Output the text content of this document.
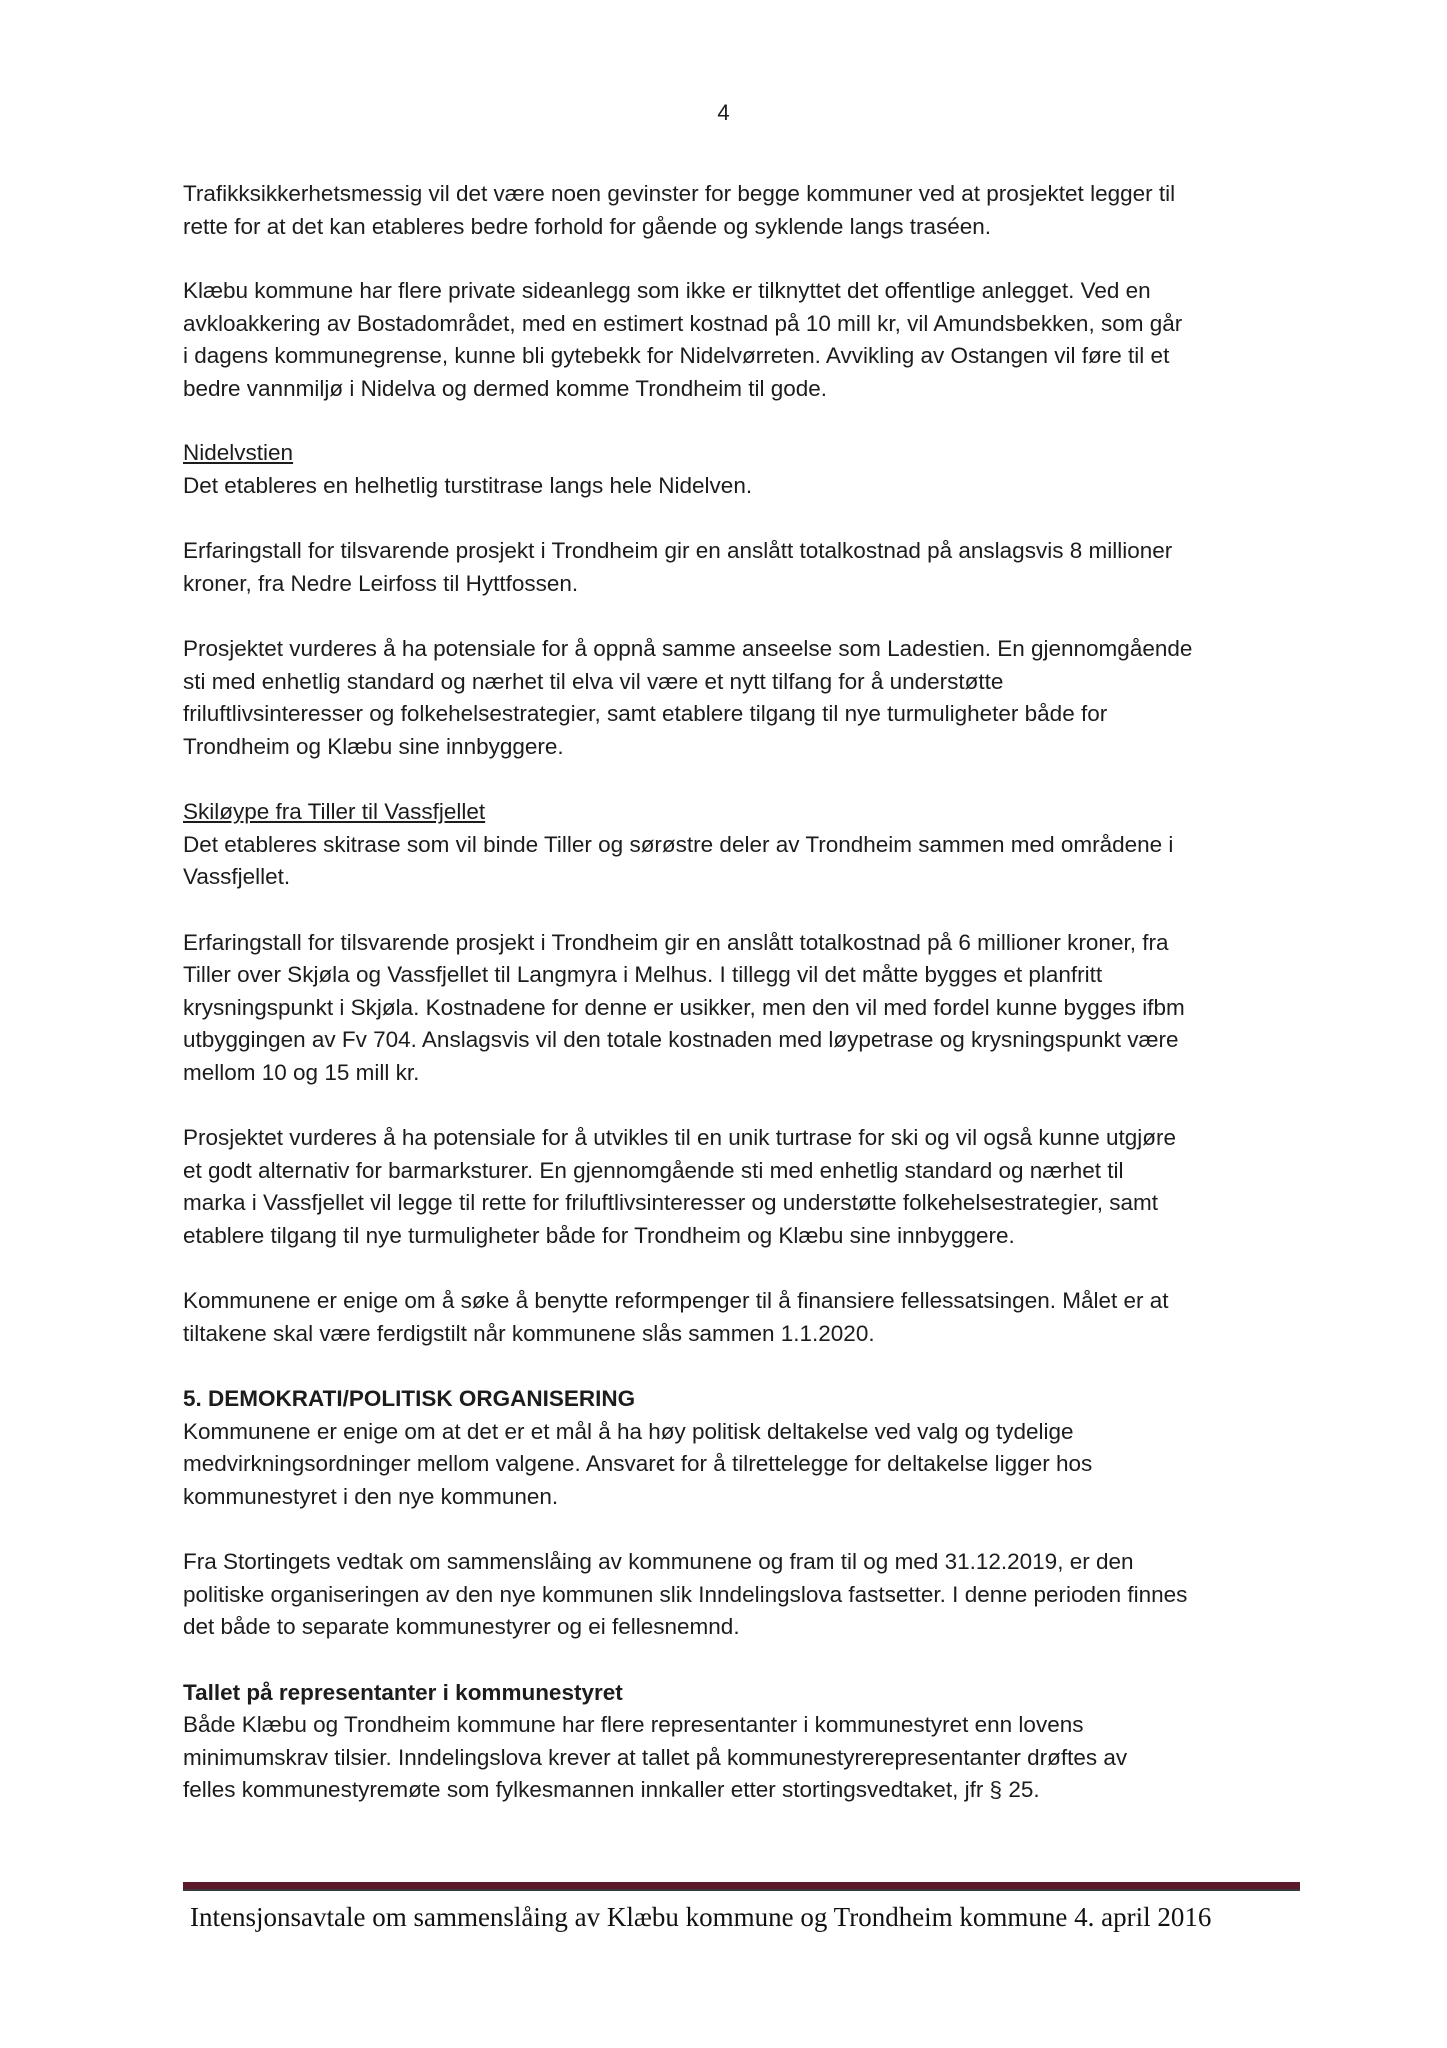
4

Trafikksikkerhetsmessig vil det være noen gevinster for begge kommuner ved at prosjektet legger til
rette for at det kan etableres bedre forhold for gående og syklende langs traséen.

Klæbu kommune har flere private sideanlegg som ikke er tilknyttet det offentlige anlegget. Ved en
avkloakkering av Bostadområdet, med en estimert kostnad på 10 mill kr, vil Amundsbekken, som går
i dagens kommunegrense, kunne bli gytebekk for Nidelvørreten. Avvikling av Ostangen vil føre til et
bedre vannmiljø i Nidelva og dermed komme Trondheim til gode.

Nidelvstien
Det etableres en helhetlig turstitrase langs hele Nidelven.

Erfaringstall for tilsvarende prosjekt i Trondheim gir en anslått totalkostnad på anslagsvis 8 millioner
kroner, fra Nedre Leirfoss til Hyttfossen.

Prosjektet vurderes å ha potensiale for å oppnå samme anseelse som Ladestien. En gjennomgående
sti med enhetlig standard og nærhet til elva vil være et nytt tilfang for å understøtte
friluftlivsinteresser og folkehelsestrategier, samt etablere tilgang til nye turmuligheter både for
Trondheim og Klæbu sine innbyggere.

Skiløype fra Tiller til Vassfjellet
Det etableres skitrase som vil binde Tiller og sørøstre deler av Trondheim sammen med områdene i
Vassfjellet.

Erfaringstall for tilsvarende prosjekt i Trondheim gir en anslått totalkostnad på 6 millioner kroner, fra
Tiller over Skjøla og Vassfjellet til Langmyra i Melhus. I tillegg vil det måtte bygges et planfritt
krysningspunkt i Skjøla. Kostnadene for denne er usikker, men den vil med fordel kunne bygges ifbm
utbyggingen av Fv 704. Anslagsvis vil den totale kostnaden med løypetrase og krysningspunkt være
mellom 10 og 15 mill kr.

Prosjektet vurderes å ha potensiale for å utvikles til en unik turtrase for ski og vil også kunne utgjøre
et godt alternativ for barmarksturer. En gjennomgående sti med enhetlig standard og nærhet til
marka i Vassfjellet vil legge til rette for friluftlivsinteresser og understøtte folkehelsestrategier, samt
etablere tilgang til nye turmuligheter både for Trondheim og Klæbu sine innbyggere.

Kommunene er enige om å søke å benytte reformpenger til å finansiere fellessatsingen. Målet er at
tiltakene skal være ferdigstilt når kommunene slås sammen 1.1.2020.

5. DEMOKRATI/POLITISK ORGANISERING
Kommunene er enige om at det er et mål å ha høy politisk deltakelse ved valg og tydelige
medvirkningsordninger mellom valgene. Ansvaret for å tilrettelegge for deltakelse ligger hos
kommunestyret i den nye kommunen.

Fra Stortingets vedtak om sammenslåing av kommunene og fram til og med 31.12.2019, er den
politiske organiseringen av den nye kommunen slik Inndelingslova fastsetter. I denne perioden finnes
det både to separate kommunestyrer og ei fellesnemnd.

Tallet på representanter i kommunestyret
Både Klæbu og Trondheim kommune har flere representanter i kommunestyret enn lovens
minimumskrav tilsier. Inndelingslova krever at tallet på kommunestyrerepresentanter drøftes av
felles kommunestyremøte som fylkesmannen innkaller etter stortingsvedtaket, jfr § 25.

Intensjonsavtale om sammenslåing av Klæbu kommune og Trondheim kommune 4. april 2016
